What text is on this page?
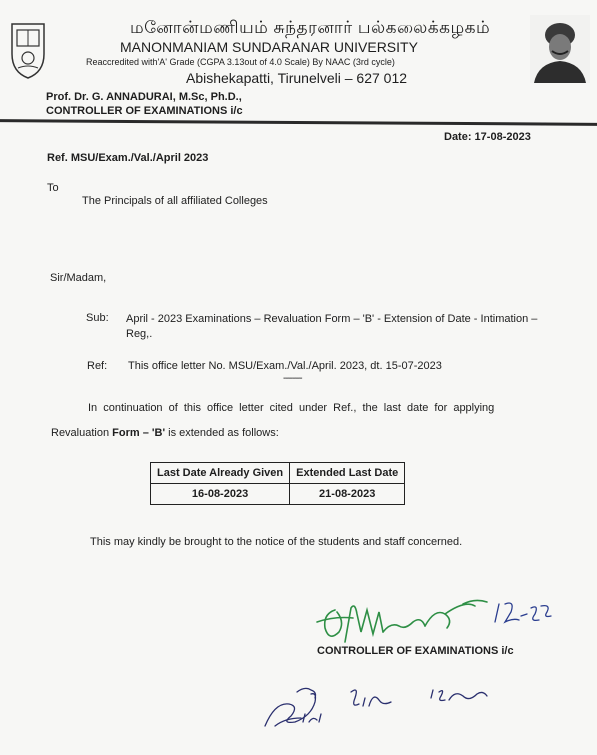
மனோன்மணியம் சுந்தரனார் பல்கலைக்கழகம்
MANONMANIAM SUNDARANAR UNIVERSITY
Reaccredited with'A' Grade (CGPA 3.13out of 4.0 Scale) By NAAC (3rd cycle)
Abishekapatti, Tirunelveli – 627 012
Prof. Dr. G. ANNADURAI, M.Sc, Ph.D.,
CONTROLLER OF EXAMINATIONS i/c
Date: 17-08-2023
Ref. MSU/Exam./Val./April 2023
To
The Principals of all affiliated Colleges
Sir/Madam,
Sub: April - 2023 Examinations – Revaluation Form – 'B' - Extension of Date - Intimation – Reg,.
Ref: This office letter No. MSU/Exam./Val./April. 2023, dt. 15-07-2023
--------
In continuation of this office letter cited under Ref., the last date for applying
Revaluation Form – 'B' is extended as follows:
Last Date Already Given	Extended Last Date
16-08-2023	21-08-2023
This may kindly be brought to the notice of the students and staff concerned.
CONTROLLER OF EXAMINATIONS i/c
